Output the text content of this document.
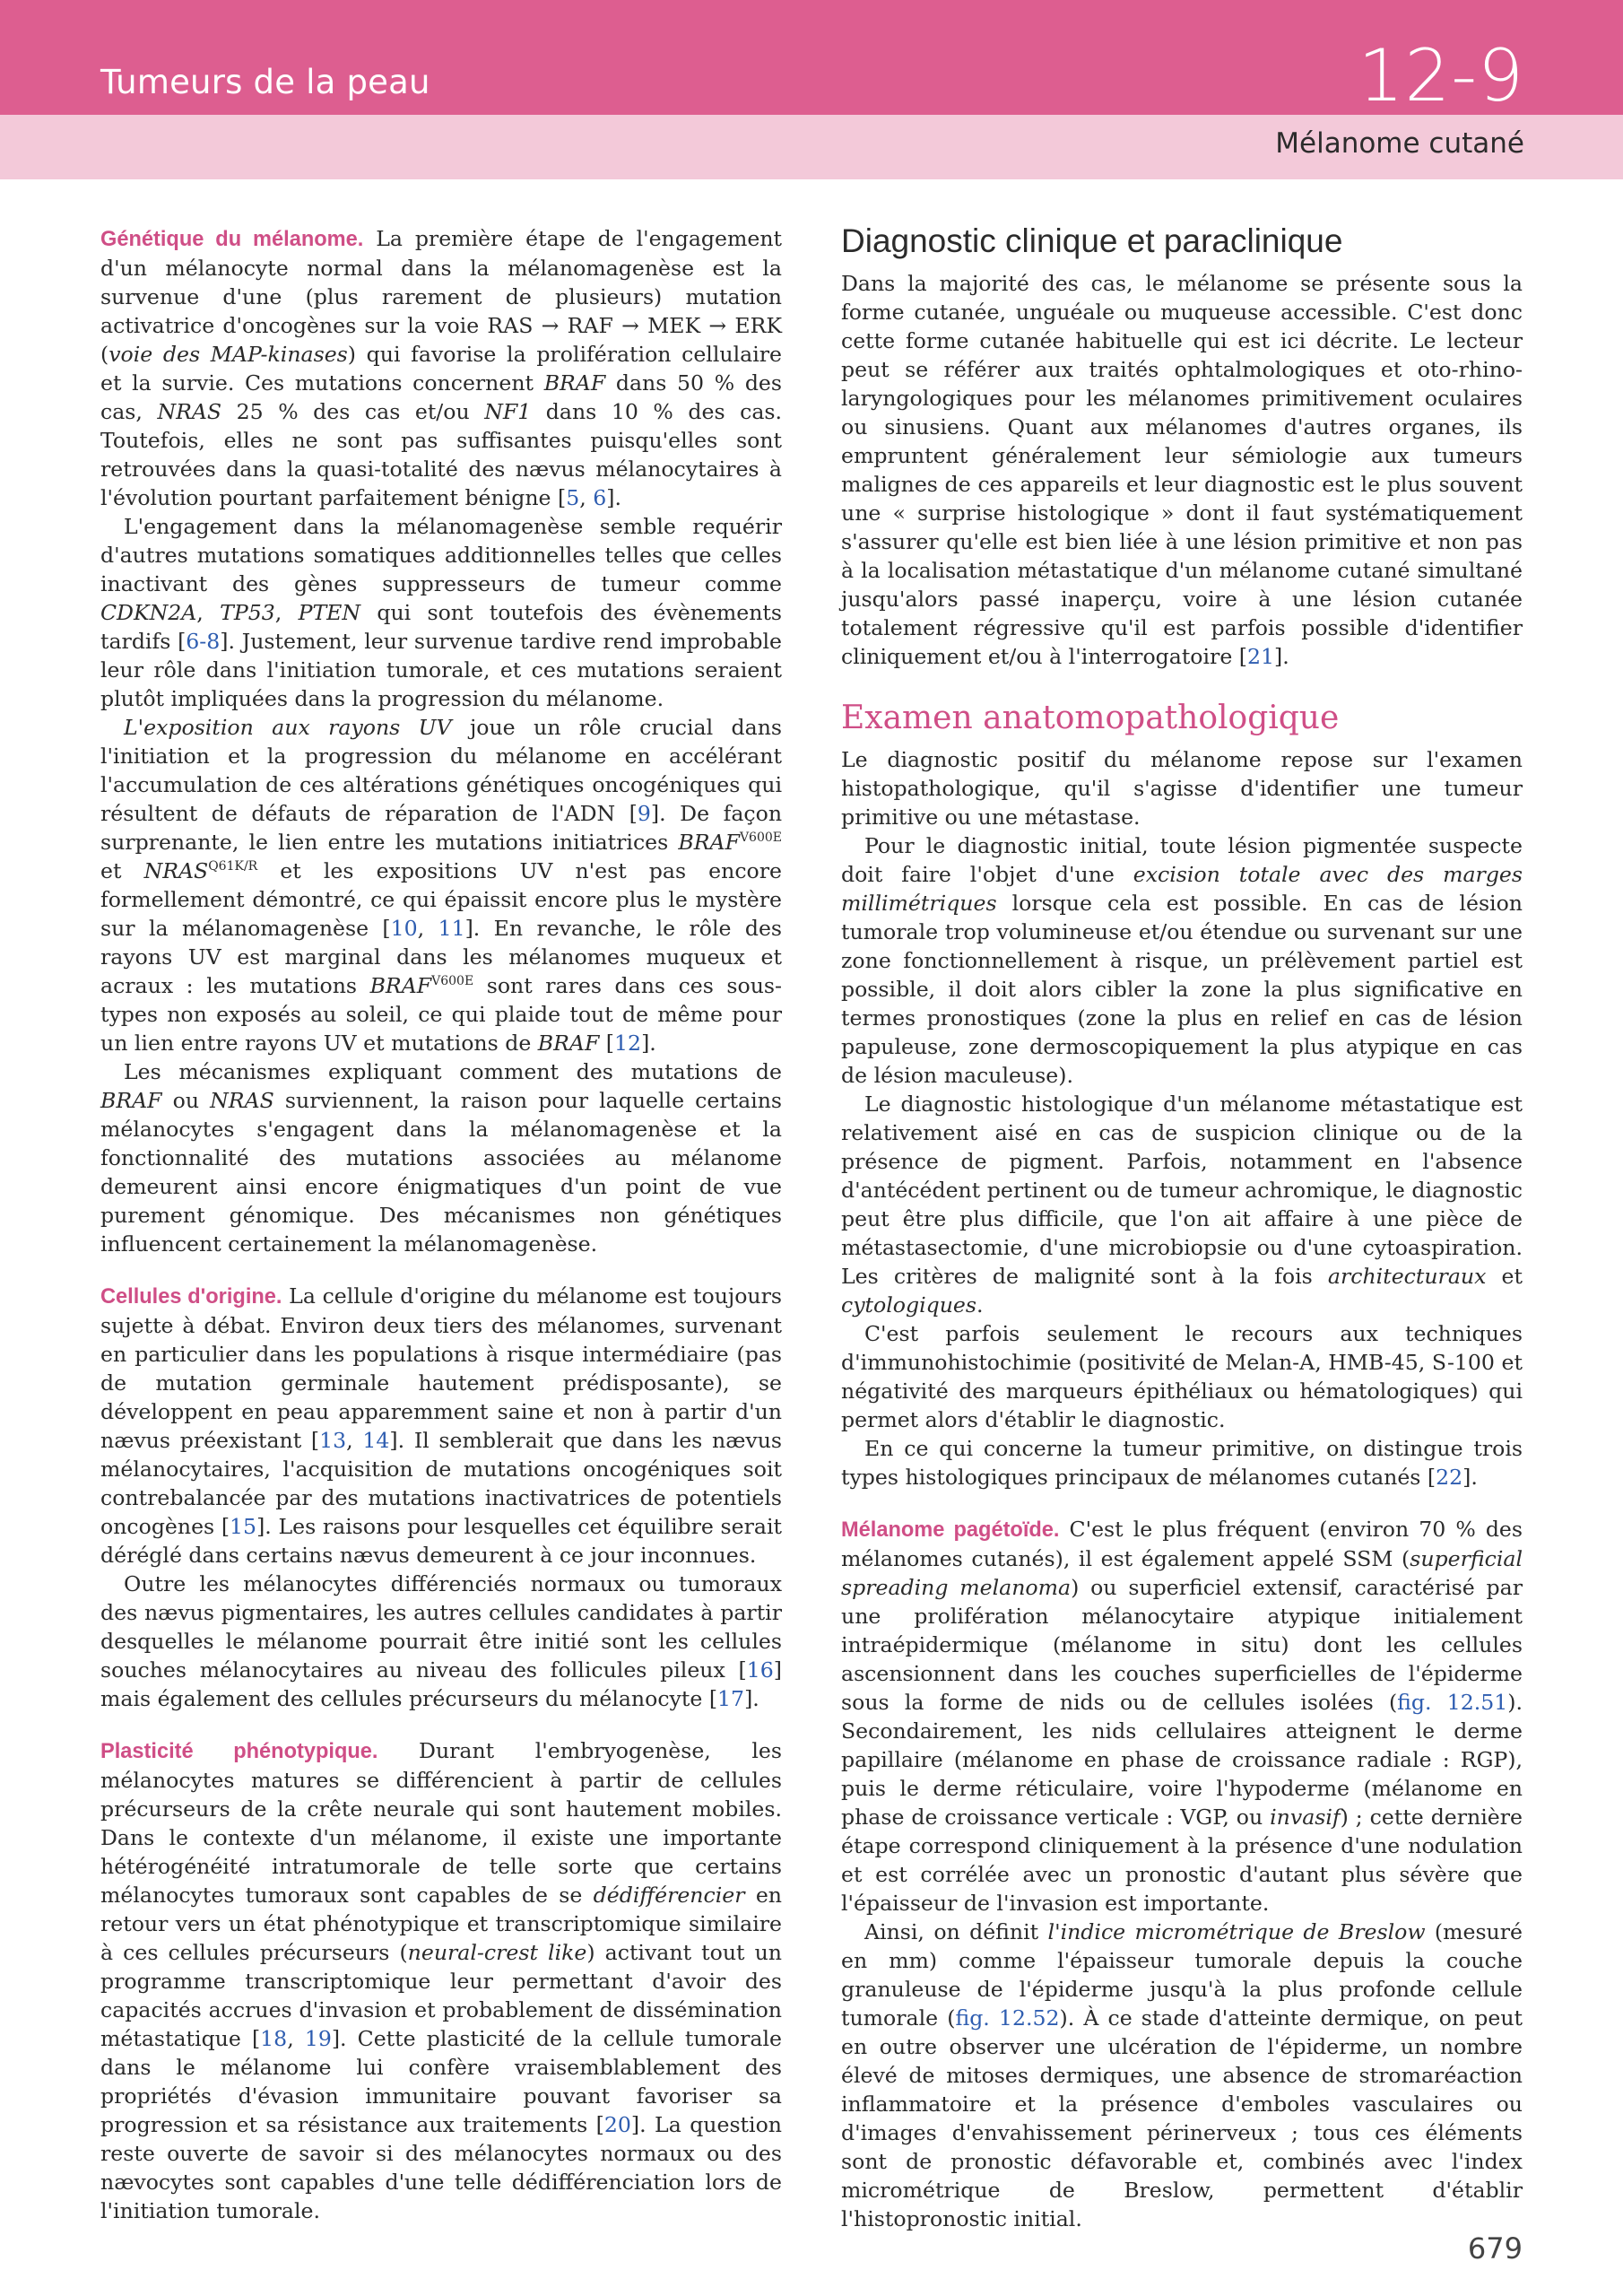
Tumeurs de la peau	12-9
Mélanome cutané

Génétique du mélanome. La première étape de l'engagement d'un mélanocyte normal dans la mélanomagenèse est la survenue d'une (plus rarement de plusieurs) mutation activatrice d'oncogènes sur la voie RAS → RAF → MEK → ERK (voie des MAP-kinases) qui favorise la prolifération cellulaire et la survie. Ces mutations concernent BRAF dans 50 % des cas, NRAS 25 % des cas et/ou NF1 dans 10 % des cas. Toutefois, elles ne sont pas suffisantes puisqu'elles sont retrouvées dans la quasi-totalité des nævus mélanocytaires à l'évolution pourtant parfaitement bénigne [5, 6].

L'engagement dans la mélanomagenèse semble requérir d'autres mutations somatiques additionnelles telles que celles inactivant des gènes suppresseurs de tumeur comme CDKN2A, TP53, PTEN qui sont toutefois des évènements tardifs [6-8]. Justement, leur survenue tardive rend improbable leur rôle dans l'initiation tumorale, et ces mutations seraient plutôt impliquées dans la progression du mélanome.

L'exposition aux rayons UV joue un rôle crucial dans l'initiation et la progression du mélanome en accélérant l'accumulation de ces altérations génétiques oncogéniques qui résultent de défauts de réparation de l'ADN [9]. De façon surprenante, le lien entre les mutations initiatrices $BRAF^{V600E}$ et $NRAS^{Q61K/R}$ et les expositions UV n'est pas encore formellement démontré, ce qui épaissit encore plus le mystère sur la mélanomagenèse [10, 11]. En revanche, le rôle des rayons UV est marginal dans les mélanomes muqueux et acraux : les mutations $BRAF^{V600E}$ sont rares dans ces sous-types non exposés au soleil, ce qui plaide tout de même pour un lien entre rayons UV et mutations de BRAF [12].

Les mécanismes expliquant comment des mutations de BRAF ou NRAS surviennent, la raison pour laquelle certains mélanocytes s'engagent dans la mélanomagenèse et la fonctionnalité des mutations associées au mélanome demeurent ainsi encore énigmatiques d'un point de vue purement génomique. Des mécanismes non génétiques influencent certainement la mélanomagenèse.

Cellules d'origine. La cellule d'origine du mélanome est toujours sujette à débat. Environ deux tiers des mélanomes, survenant en particulier dans les populations à risque intermédiaire (pas de mutation germinale hautement prédisposante), se développent en peau apparemment saine et non à partir d'un nævus préexistant [13, 14]. Il semblerait que dans les nævus mélanocytaires, l'acquisition de mutations oncogéniques soit contrebalancée par des mutations inactivatrices de potentiels oncogènes [15]. Les raisons pour lesquelles cet équilibre serait déréglé dans certains nævus demeurent à ce jour inconnues.

Outre les mélanocytes différenciés normaux ou tumoraux des nævus pigmentaires, les autres cellules candidates à partir desquelles le mélanome pourrait être initié sont les cellules souches mélanocytaires au niveau des follicules pileux [16] mais également des cellules précurseurs du mélanocyte [17].

Plasticité phénotypique. Durant l'embryogenèse, les mélanocytes matures se différencient à partir de cellules précurseurs de la crête neurale qui sont hautement mobiles. Dans le contexte d'un mélanome, il existe une importante hétérogénéité intratumorale de telle sorte que certains mélanocytes tumoraux sont capables de se dédifférencier en retour vers un état phénotypique et transcriptomique similaire à ces cellules précurseurs (neural-crest like) activant tout un programme transcriptomique leur permettant d'avoir des capacités accrues d'invasion et probablement de dissémination métastatique [18, 19]. Cette plasticité de la cellule tumorale dans le mélanome lui confère vraisemblablement des propriétés d'évasion immunitaire pouvant favoriser sa progression et sa résistance aux traitements [20]. La question reste ouverte de savoir si des mélanocytes normaux ou des nævocytes sont capables d'une telle dédifférenciation lors de l'initiation tumorale.

Diagnostic clinique et paraclinique

Dans la majorité des cas, le mélanome se présente sous la forme cutanée, unguéale ou muqueuse accessible. C'est donc cette forme cutanée habituelle qui est ici décrite. Le lecteur peut se référer aux traités ophtalmologiques et oto-rhino-laryngologiques pour les mélanomes primitivement oculaires ou sinusiens. Quant aux mélanomes d'autres organes, ils empruntent généralement leur sémiologie aux tumeurs malignes de ces appareils et leur diagnostic est le plus souvent une « surprise histologique » dont il faut systématiquement s'assurer qu'elle est bien liée à une lésion primitive et non pas à la localisation métastatique d'un mélanome cutané simultané jusqu'alors passé inaperçu, voire à une lésion cutanée totalement régressive qu'il est parfois possible d'identifier cliniquement et/ou à l'interrogatoire [21].

Examen anatomopathologique

Le diagnostic positif du mélanome repose sur l'examen histopathologique, qu'il s'agisse d'identifier une tumeur primitive ou une métastase.

Pour le diagnostic initial, toute lésion pigmentée suspecte doit faire l'objet d'une excision totale avec des marges millimétriques lorsque cela est possible. En cas de lésion tumorale trop volumineuse et/ou étendue ou survenant sur une zone fonctionnellement à risque, un prélèvement partiel est possible, il doit alors cibler la zone la plus significative en termes pronostiques (zone la plus en relief en cas de lésion papuleuse, zone dermoscopiquement la plus atypique en cas de lésion maculeuse).

Le diagnostic histologique d'un mélanome métastatique est relativement aisé en cas de suspicion clinique ou de la présence de pigment. Parfois, notamment en l'absence d'antécédent pertinent ou de tumeur achromique, le diagnostic peut être plus difficile, que l'on ait affaire à une pièce de métastasectomie, d'une microbiopsie ou d'une cytoaspiration. Les critères de malignité sont à la fois architecturaux et cytologiques.

C'est parfois seulement le recours aux techniques d'immunohistochimie (positivité de Melan-A, HMB-45, S-100 et négativité des marqueurs épithéliaux ou hématologiques) qui permet alors d'établir le diagnostic.

En ce qui concerne la tumeur primitive, on distingue trois types histologiques principaux de mélanomes cutanés [22].

Mélanome pagétoïde. C'est le plus fréquent (environ 70 % des mélanomes cutanés), il est également appelé SSM (superficial spreading melanoma) ou superficiel extensif, caractérisé par une prolifération mélanocytaire atypique initialement intraépidermique (mélanome in situ) dont les cellules ascensionnent dans les couches superficielles de l'épiderme sous la forme de nids ou de cellules isolées (fig. 12.51). Secondairement, les nids cellulaires atteignent le derme papillaire (mélanome en phase de croissance radiale : RGP), puis le derme réticulaire, voire l'hypoderme (mélanome en phase de croissance verticale : VGP, ou invasif) ; cette dernière étape correspond cliniquement à la présence d'une nodulation et est corrélée avec un pronostic d'autant plus sévère que l'épaisseur de l'invasion est importante.

Ainsi, on définit l'indice micrométrique de Breslow (mesuré en mm) comme l'épaisseur tumorale depuis la couche granuleuse de l'épiderme jusqu'à la plus profonde cellule tumorale (fig. 12.52). À ce stade d'atteinte dermique, on peut en outre observer une ulcération de l'épiderme, un nombre élevé de mitoses dermiques, une absence de stromaréaction inflammatoire et la présence d'emboles vasculaires ou d'images d'envahissement périnerveux ; tous ces éléments sont de pronostic défavorable et, combinés avec l'index micrométrique de Breslow, permettent d'établir l'histopronostic initial.

679
